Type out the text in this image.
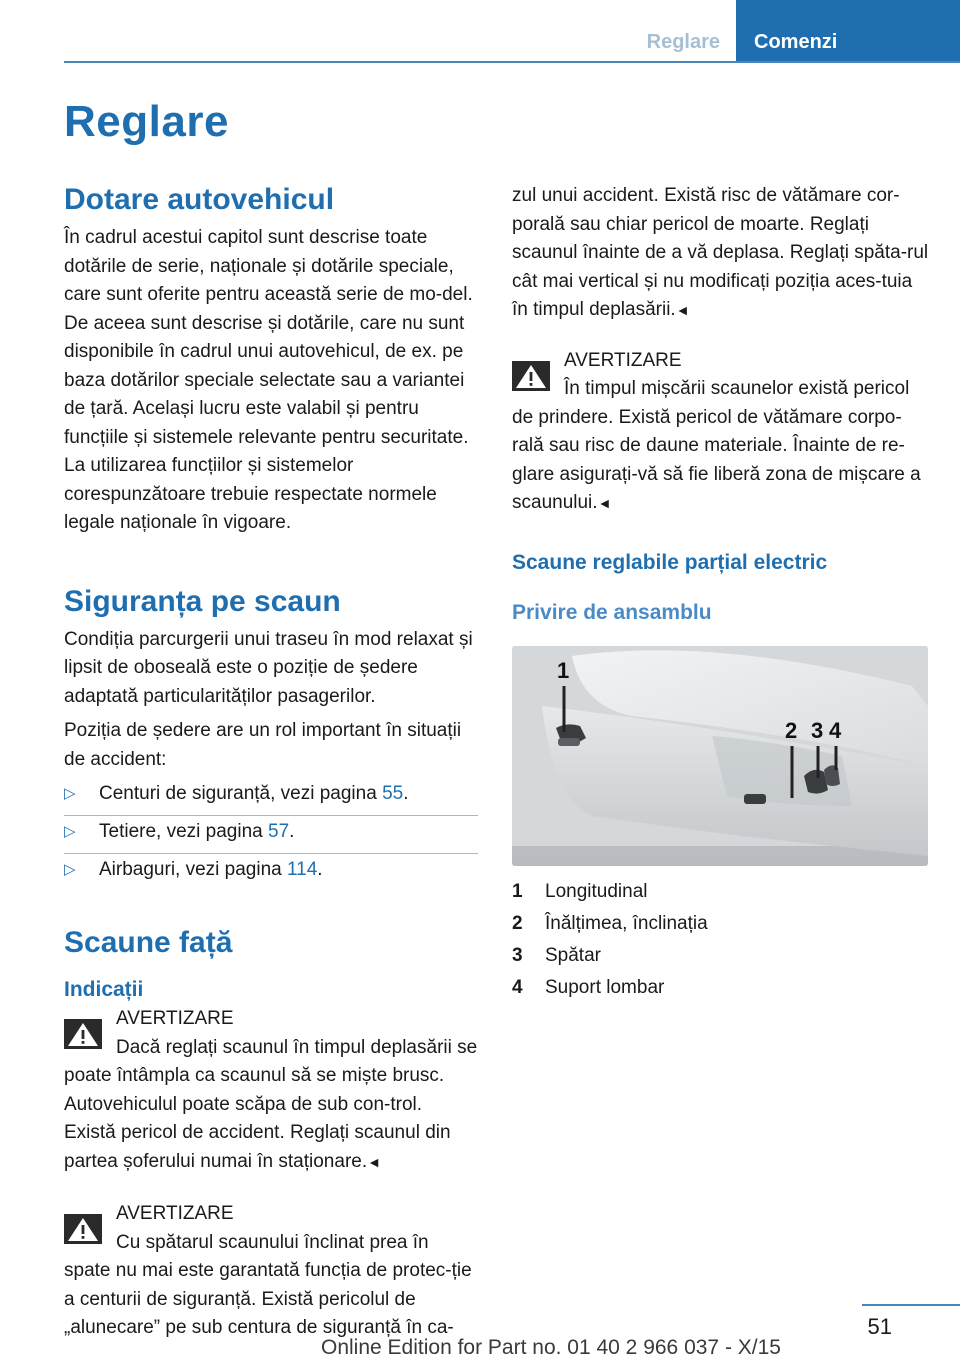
Reglare	Comenzi
Reglare
Dotare autovehicul

În cadrul acestui capitol sunt descrise toate dotările de serie, naționale și dotările speciale, care sunt oferite pentru această serie de mo-del. De aceea sunt descrise și dotările, care nu sunt disponibile în cadrul unui autovehicul, de ex. pe baza dotărilor speciale selectate sau a variantei de țară. Același lucru este valabil și pentru funcțiile și sistemele relevante pentru securitate. La utilizarea funcțiilor și sistemelor corespunzătoare trebuie respectate normele legale naționale în vigoare.

Siguranța pe scaun

Condiția parcurgerii unui traseu în mod relaxat și lipsit de oboseală este o poziție de ședere adaptată particularităților pasagerilor.

Poziția de ședere are un rol important în situații de accident:

▷ Centuri de siguranță, vezi pagina 55.
▷ Tetiere, vezi pagina 57.
▷ Airbaguri, vezi pagina 114.
Scaune față
Indicații
AVERTIZARE
Dacă reglați scaunul în timpul deplasării se poate întâmpla ca scaunul să se miște brusc. Autovehiculul poate scăpa de sub con-trol. Există pericol de accident. Reglați scaunul din partea șoferului numai în staționare.◄
AVERTIZARE
Cu spătarul scaunului înclinat prea în spate nu mai este garantată funcția de protec-ție a centurii de siguranță. Există pericolul de „alunecare” pe sub centura de siguranță în ca-

zul unui accident. Există risc de vătămare cor-porală sau chiar pericol de moarte. Reglați scaunul înainte de a vă deplasa. Reglați spăta-rul cât mai vertical și nu modificați poziția aces-tuia în timpul deplasării.◄

AVERTIZARE
În timpul mișcării scaunelor există pericol de prindere. Există pericol de vătămare corpo-rală sau risc de daune materiale. Înainte de re-glare asigurați-vă să fie liberă zona de mișcare a scaunului.◄
Scaune reglabile parțial electric
Privire de ansamblu
1
2 3 4
1	Longitudinal
2	Înălțimea, înclinația
3	Spătar
4	Suport lombar
51
Online Edition for Part no. 01 40 2 966 037 - X/15
